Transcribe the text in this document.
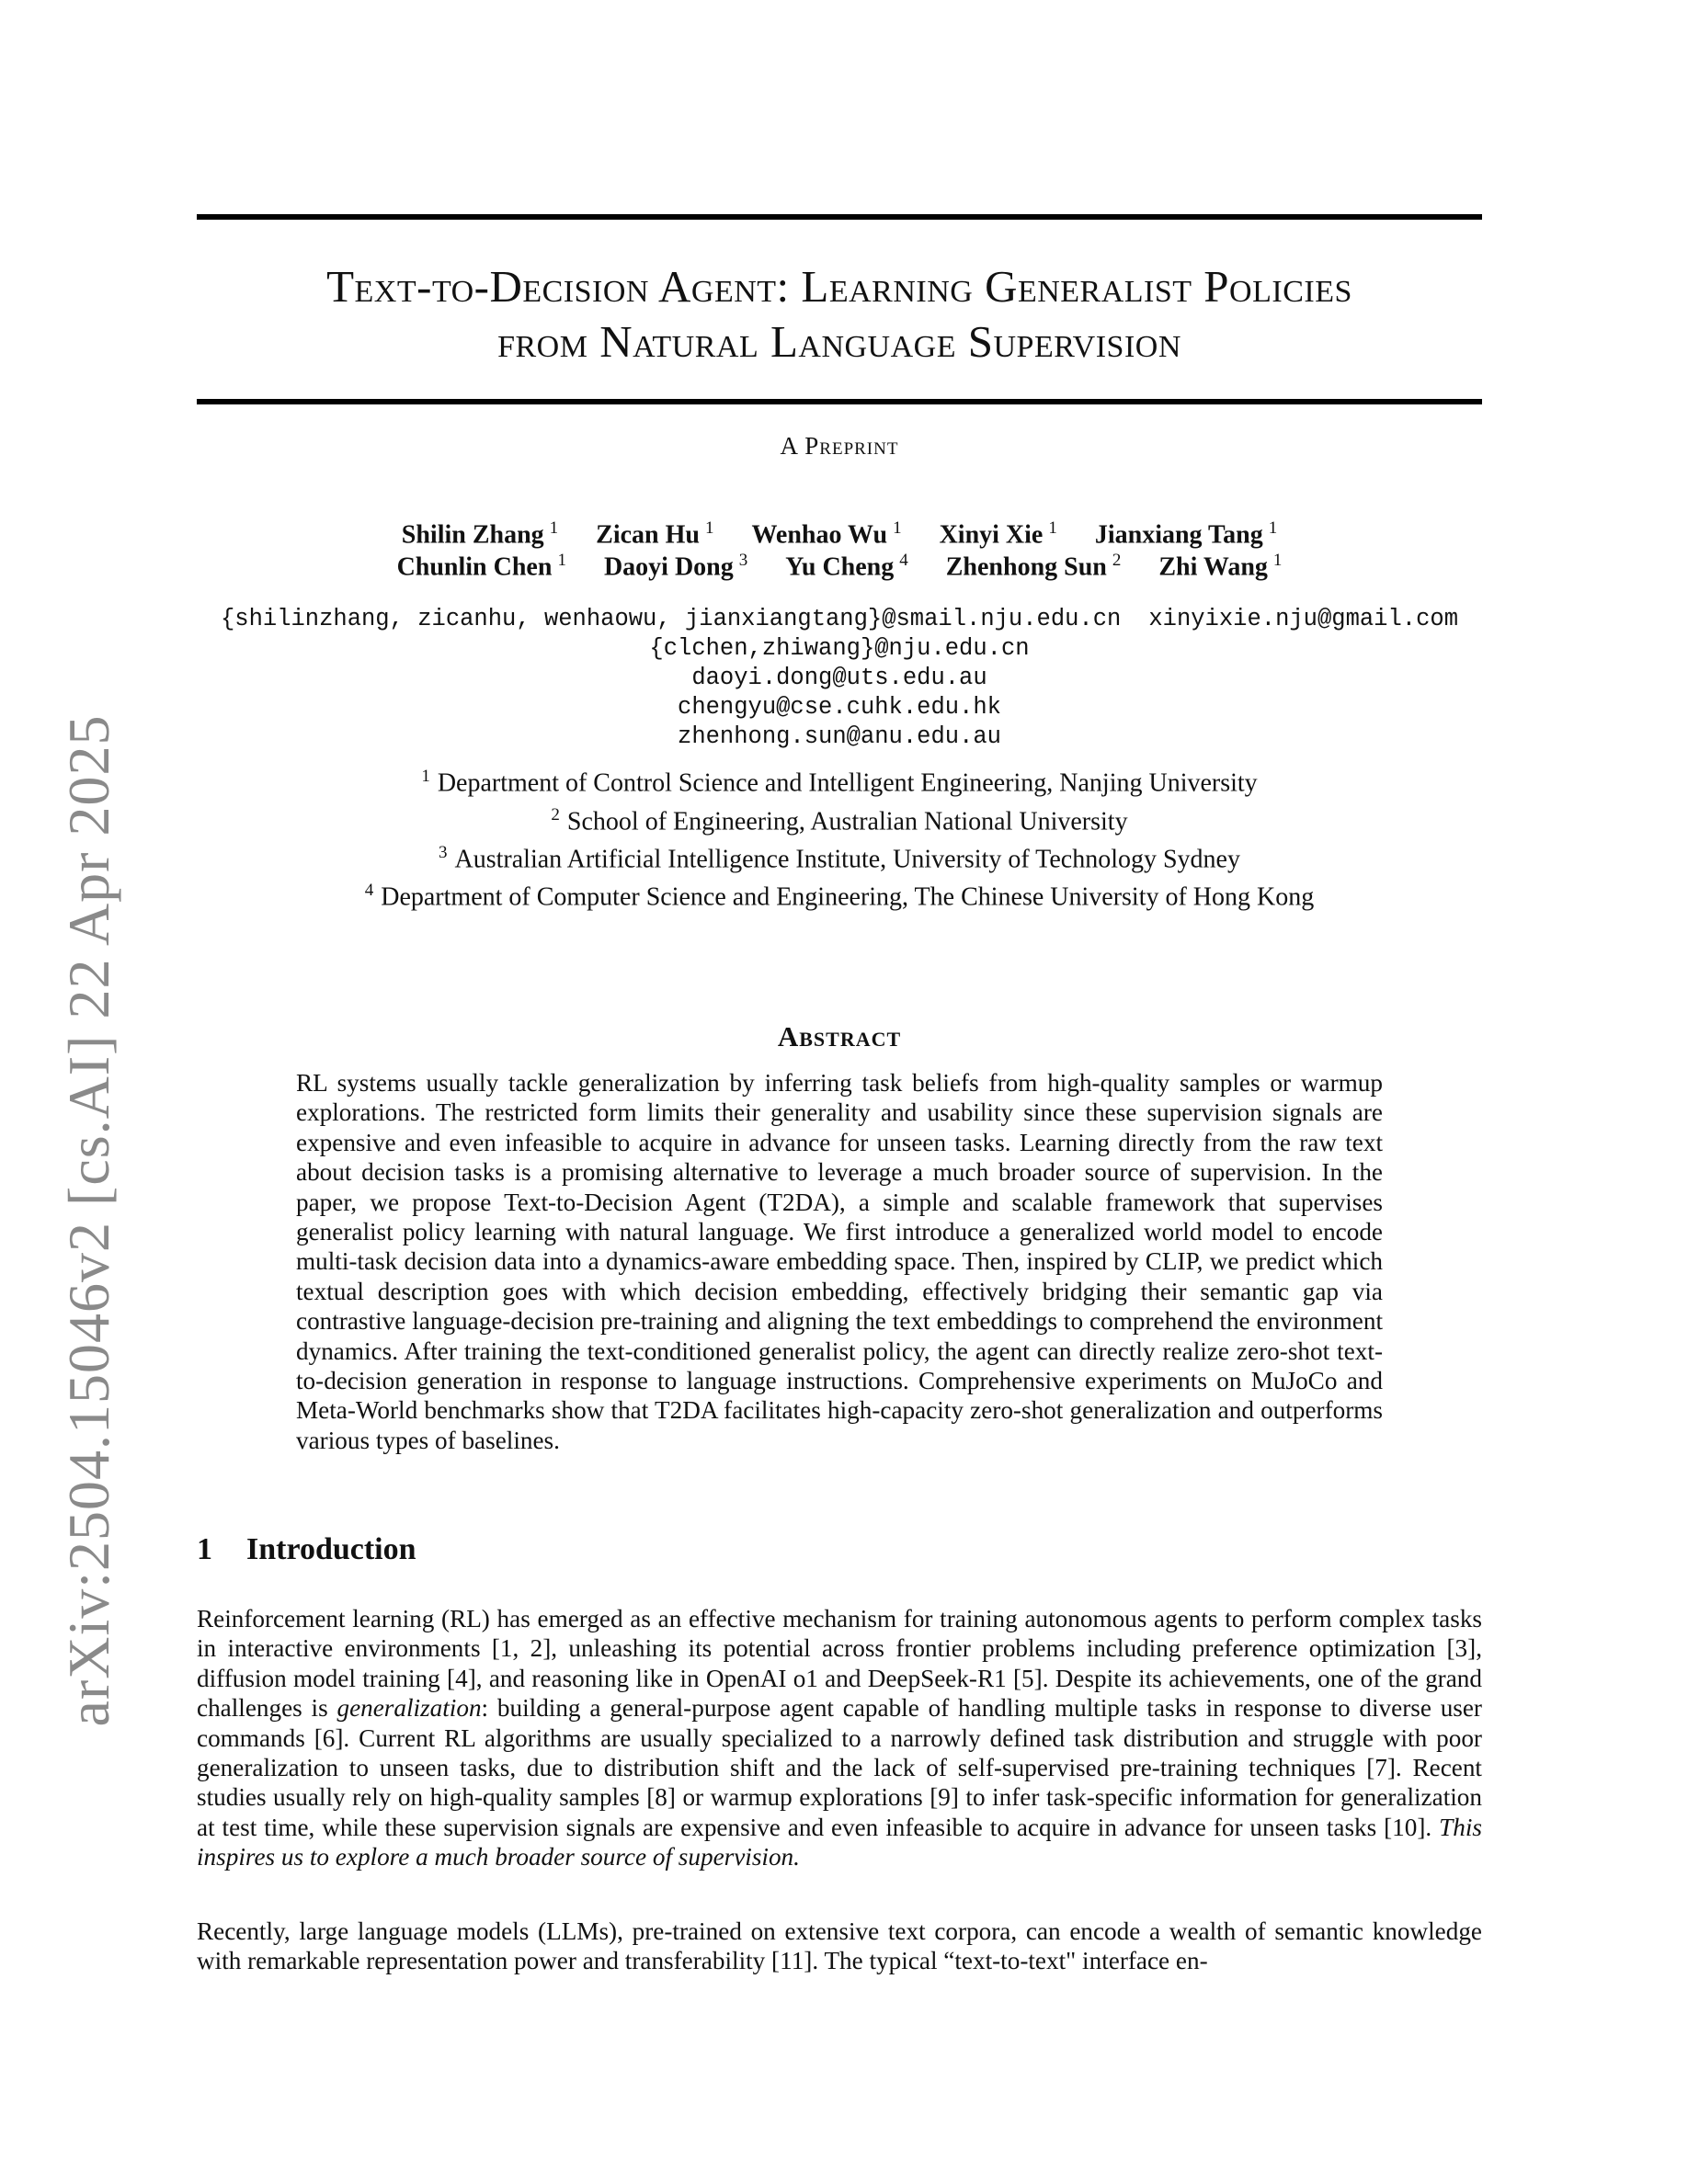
arXiv:2504.15046v2 [cs.AI] 22 Apr 2025
Text-to-Decision Agent: Learning Generalist Policies
from Natural Language Supervision
A Preprint
Shilin Zhang $^1$ Zican Hu $^1$ Wenhao Wu $^1$ Xinyi Xie $^1$ Jianxiang Tang $^1$
Chunlin Chen $^1$ Daoyi Dong $^3$ Yu Cheng $^4$ Zhenhong Sun $^2$ Zhi Wang $^1$
{shilinzhang, zicanhu, wenhaowu, jianxiangtang}@smail.nju.edu.cn xinyixie.nju@gmail.com
{clchen,zhiwang}@nju.edu.cn
daoyi.dong@uts.edu.au
chengyu@cse.cuhk.edu.hk
zhenhong.sun@anu.edu.au
$^1$ Department of Control Science and Intelligent Engineering, Nanjing University
$^2$ School of Engineering, Australian National University
$^3$ Australian Artificial Intelligence Institute, University of Technology Sydney
$^4$ Department of Computer Science and Engineering, The Chinese University of Hong Kong
Abstract

RL systems usually tackle generalization by inferring task beliefs from high-quality samples or warmup explorations. The restricted form limits their generality and usability since these supervision signals are expensive and even infeasible to acquire in advance for unseen tasks. Learning directly from the raw text about decision tasks is a promising alternative to leverage a much broader source of supervision. In the paper, we propose Text-to-Decision Agent (T2DA), a simple and scalable framework that supervises generalist policy learning with natural language. We first introduce a generalized world model to encode multi-task decision data into a dynamics-aware embedding space. Then, inspired by CLIP, we predict which textual description goes with which decision embedding, effectively bridging their semantic gap via contrastive language-decision pre-training and aligning the text embeddings to comprehend the environment dynamics. After training the text-conditioned generalist policy, the agent can directly realize zero-shot text-to-decision generation in response to language instructions. Comprehensive experiments on MuJoCo and Meta-World benchmarks show that T2DA facilitates high-capacity zero-shot generalization and outperforms various types of baselines.

1 Introduction

Reinforcement learning (RL) has emerged as an effective mechanism for training autonomous agents to perform complex tasks in interactive environments [1, 2], unleashing its potential across frontier problems including preference optimization [3], diffusion model training [4], and reasoning like in OpenAI o1 and DeepSeek-R1 [5]. Despite its achievements, one of the grand challenges is generalization: building a general-purpose agent capable of handling multiple tasks in response to diverse user commands [6]. Current RL algorithms are usually specialized to a narrowly defined task distribution and struggle with poor generalization to unseen tasks, due to distribution shift and the lack of self-supervised pre-training techniques [7]. Recent studies usually rely on high-quality samples [8] or warmup explorations [9] to infer task-specific information for generalization at test time, while these supervision signals are expensive and even infeasible to acquire in advance for unseen tasks [10]. This inspires us to explore a much broader source of supervision.

Recently, large language models (LLMs), pre-trained on extensive text corpora, can encode a wealth of semantic knowledge with remarkable representation power and transferability [11]. The typical “text-to-text" interface en-
